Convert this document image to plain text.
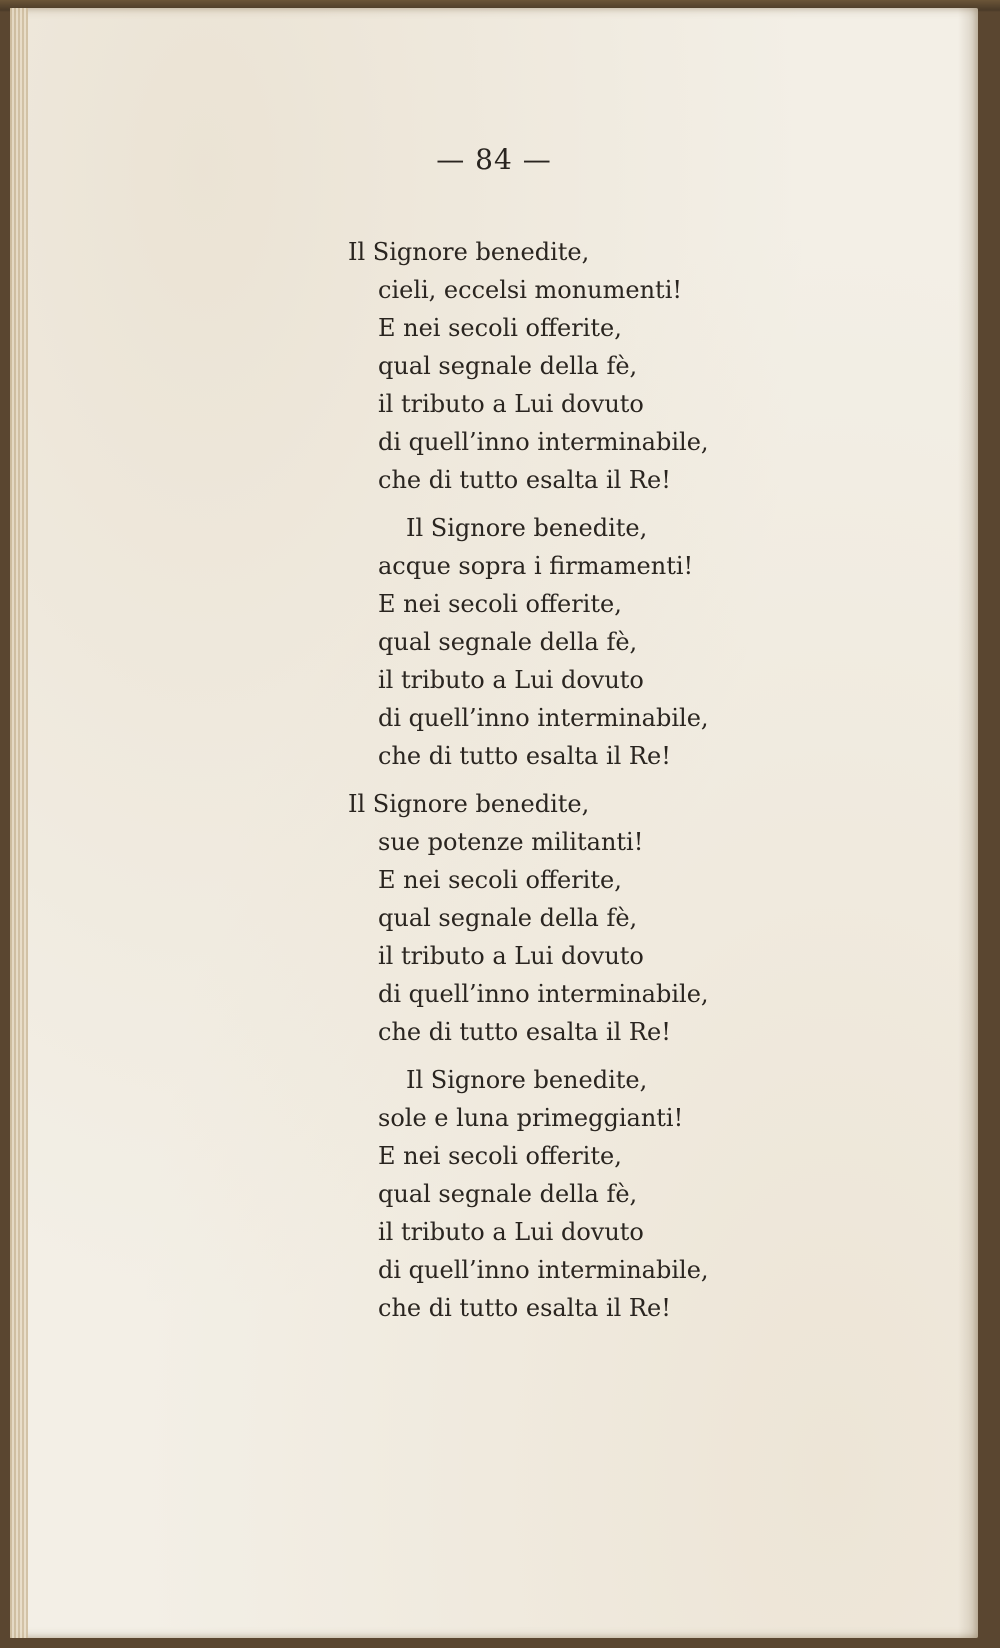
— 84 —
Il Signore benedite,
cieli, eccelsi monumenti!
E nei secoli offerite,
qual segnale della fè,
il tributo a Lui dovuto
di quell’inno interminabile,
che di tutto esalta il Re!
Il Signore benedite,
acque sopra i firmamenti!
E nei secoli offerite,
qual segnale della fè,
il tributo a Lui dovuto
di quell’inno interminabile,
che di tutto esalta il Re!
Il Signore benedite,
sue potenze militanti!
E nei secoli offerite,
qual segnale della fè,
il tributo a Lui dovuto
di quell’inno interminabile,
che di tutto esalta il Re!
Il Signore benedite,
sole e luna primeggianti!
E nei secoli offerite,
qual segnale della fè,
il tributo a Lui dovuto
di quell’inno interminabile,
che di tutto esalta il Re!
